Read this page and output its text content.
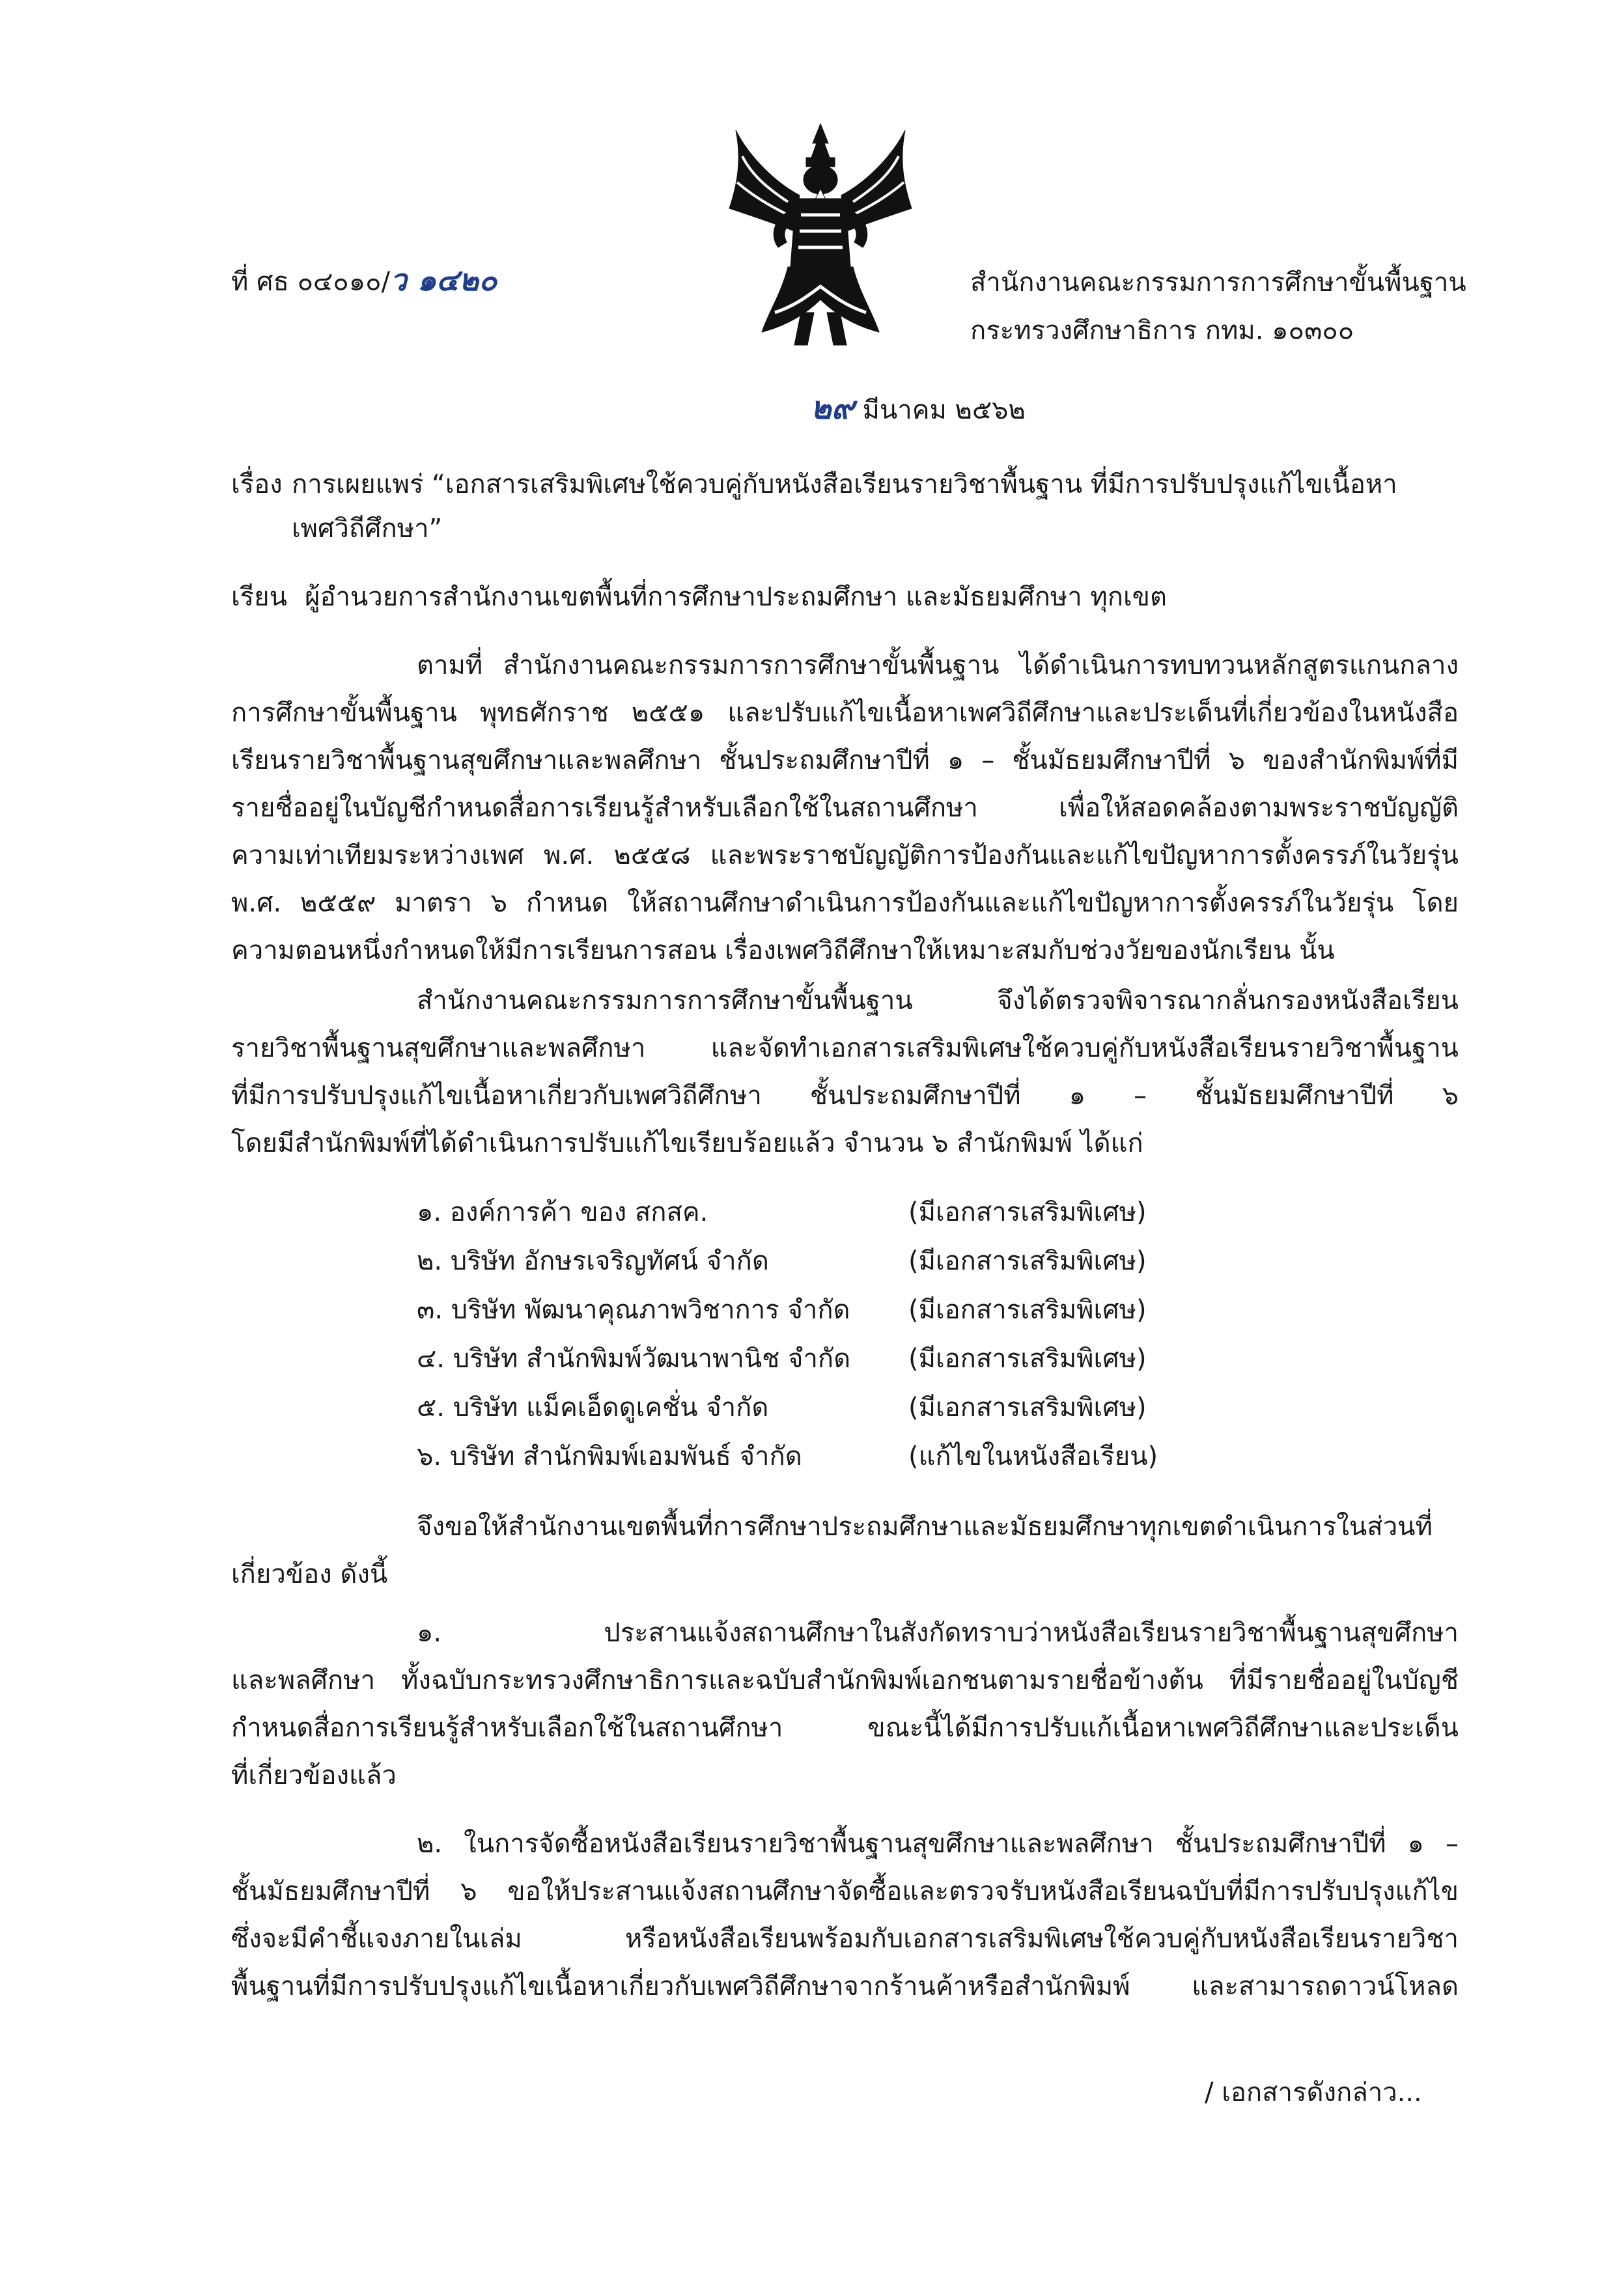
ที่ ศธ ๐๔๐๑๐/ว ๑๔๒๐	สำนักงานคณะกรรมการการศึกษาขั้นพื้นฐาน
กระทรวงศึกษาธิการ กทม. ๑๐๓๐๐
๒๙ มีนาคม ๒๕๖๒
เรื่อง การเผยแพร่ “เอกสารเสริมพิเศษใช้ควบคู่กับหนังสือเรียนรายวิชาพื้นฐาน ที่มีการปรับปรุงแก้ไขเนื้อหา
เพศวิถีศึกษา”
เรียน ผู้อำนวยการสำนักงานเขตพื้นที่การศึกษาประถมศึกษา และมัธยมศึกษา ทุกเขต
ตามที่ สำนักงานคณะกรรมการการศึกษาขั้นพื้นฐาน ได้ดำเนินการทบทวนหลักสูตรแกนกลาง
การศึกษาขั้นพื้นฐาน พุทธศักราช ๒๕๕๑ และปรับแก้ไขเนื้อหาเพศวิถีศึกษาและประเด็นที่เกี่ยวข้องในหนังสือ
เรียนรายวิชาพื้นฐานสุขศึกษาและพลศึกษา ชั้นประถมศึกษาปีที่ ๑ – ชั้นมัธยมศึกษาปีที่ ๖ ของสำนักพิมพ์ที่มี
รายชื่ออยู่ในบัญชีกำหนดสื่อการเรียนรู้สำหรับเลือกใช้ในสถานศึกษา เพื่อให้สอดคล้องตามพระราชบัญญัติ
ความเท่าเทียมระหว่างเพศ พ.ศ. ๒๕๕๘ และพระราชบัญญัติการป้องกันและแก้ไขปัญหาการตั้งครรภ์ในวัยรุ่น
พ.ศ. ๒๕๕๙ มาตรา ๖ กำหนด ให้สถานศึกษาดำเนินการป้องกันและแก้ไขปัญหาการตั้งครรภ์ในวัยรุ่น โดย
ความตอนหนึ่งกำหนดให้มีการเรียนการสอน เรื่องเพศวิถีศึกษาให้เหมาะสมกับช่วงวัยของนักเรียน นั้น
สำนักงานคณะกรรมการการศึกษาขั้นพื้นฐาน จึงได้ตรวจพิจารณากลั่นกรองหนังสือเรียน
รายวิชาพื้นฐานสุขศึกษาและพลศึกษา และจัดทำเอกสารเสริมพิเศษใช้ควบคู่กับหนังสือเรียนรายวิชาพื้นฐาน
ที่มีการปรับปรุงแก้ไขเนื้อหาเกี่ยวกับเพศวิถีศึกษา ชั้นประถมศึกษาปีที่ ๑ – ชั้นมัธยมศึกษาปีที่ ๖
โดยมีสำนักพิมพ์ที่ได้ดำเนินการปรับแก้ไขเรียบร้อยแล้ว จำนวน ๖ สำนักพิมพ์ ได้แก่
๑. องค์การค้า ของ สกสค.	(มีเอกสารเสริมพิเศษ)
๒. บริษัท อักษรเจริญทัศน์ จำกัด	(มีเอกสารเสริมพิเศษ)
๓. บริษัท พัฒนาคุณภาพวิชาการ จำกัด	(มีเอกสารเสริมพิเศษ)
๔. บริษัท สำนักพิมพ์วัฒนาพานิช จำกัด	(มีเอกสารเสริมพิเศษ)
๕. บริษัท แม็คเอ็ดดูเคชั่น จำกัด	(มีเอกสารเสริมพิเศษ)
๖. บริษัท สำนักพิมพ์เอมพันธ์ จำกัด	(แก้ไขในหนังสือเรียน)
จึงขอให้สำนักงานเขตพื้นที่การศึกษาประถมศึกษาและมัธยมศึกษาทุกเขตดำเนินการในส่วนที่
เกี่ยวข้อง ดังนี้
๑. ประสานแจ้งสถานศึกษาในสังกัดทราบว่าหนังสือเรียนรายวิชาพื้นฐานสุขศึกษา
และพลศึกษา ทั้งฉบับกระทรวงศึกษาธิการและฉบับสำนักพิมพ์เอกชนตามรายชื่อข้างต้น ที่มีรายชื่ออยู่ในบัญชี
กำหนดสื่อการเรียนรู้สำหรับเลือกใช้ในสถานศึกษา ขณะนี้ได้มีการปรับแก้เนื้อหาเพศวิถีศึกษาและประเด็น
ที่เกี่ยวข้องแล้ว
๒. ในการจัดซื้อหนังสือเรียนรายวิชาพื้นฐานสุขศึกษาและพลศึกษา ชั้นประถมศึกษาปีที่ ๑ –
ชั้นมัธยมศึกษาปีที่ ๖ ขอให้ประสานแจ้งสถานศึกษาจัดซื้อและตรวจรับหนังสือเรียนฉบับที่มีการปรับปรุงแก้ไข
ซึ่งจะมีคำชี้แจงภายในเล่ม หรือหนังสือเรียนพร้อมกับเอกสารเสริมพิเศษใช้ควบคู่กับหนังสือเรียนรายวิชา
พื้นฐานที่มีการปรับปรุงแก้ไขเนื้อหาเกี่ยวกับเพศวิถีศึกษาจากร้านค้าหรือสำนักพิมพ์ และสามารถดาวน์โหลด
/ เอกสารดังกล่าว...
